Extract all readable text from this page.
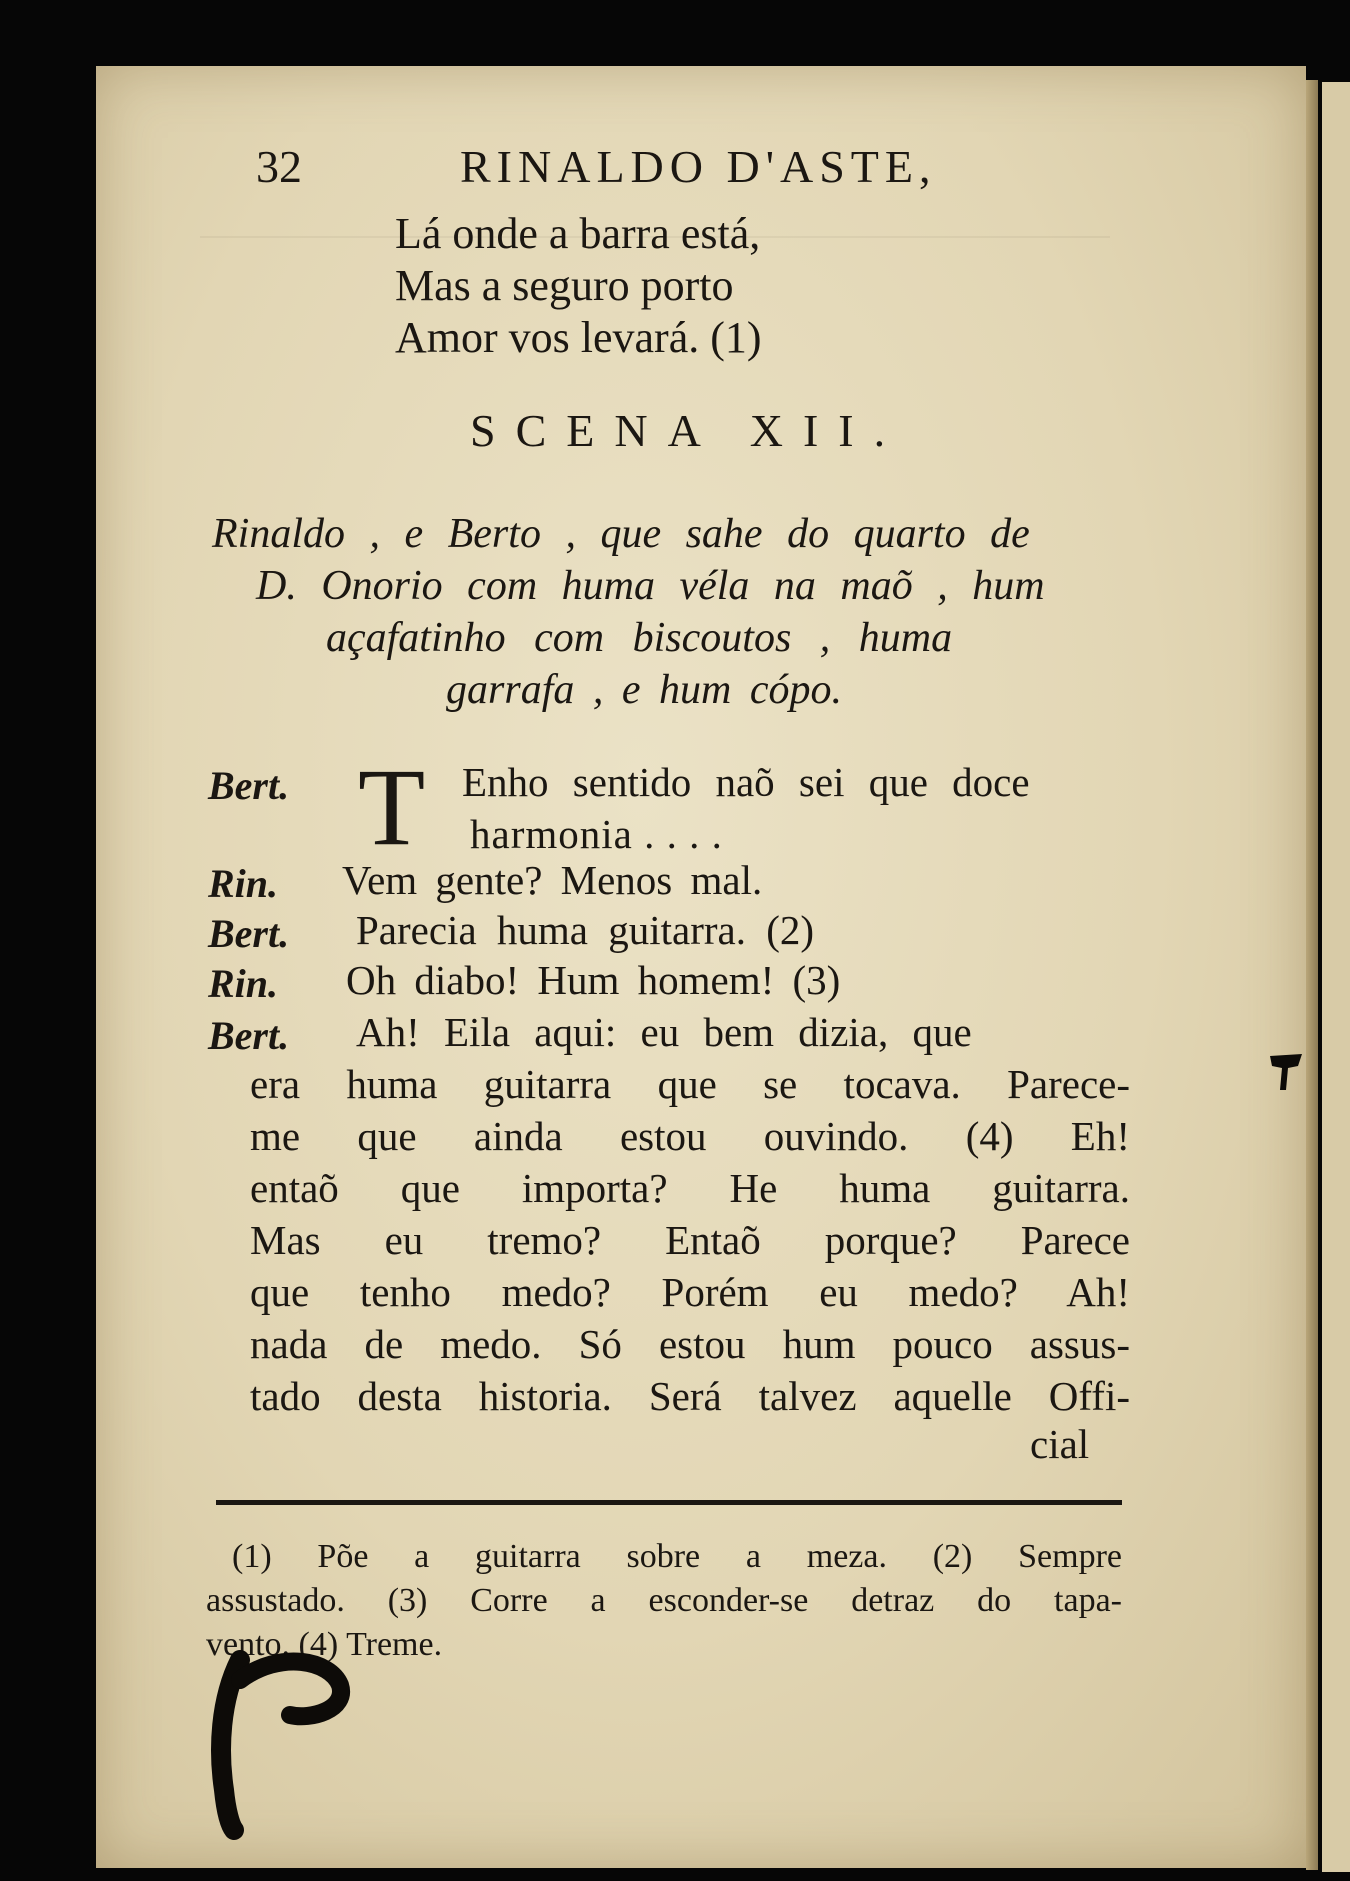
32	RINALDO D'ASTE,
Lá onde a barra está,
Mas a seguro porto
Amor vos levará. (1)
SCENA XII.
Rinaldo , e Berto , que sahe do quarto de
D. Onorio com huma véla na maõ , hum
açafatinho com biscoutos , huma
garrafa , e hum cópo.
Bert. T Enho sentido naõ sei que doce
harmonia . . . .
Rin. Vem gente? Menos mal.
Bert. Parecia huma guitarra. (2)
Rin. Oh diabo! Hum homem! (3)
Bert. Ah! Eila aqui: eu bem dizia, que
era huma guitarra que se tocava. Parece-
me que ainda estou ouvindo. (4) Eh!
entaõ que importa? He huma guitarra.
Mas eu tremo? Entaõ porque? Parece
que tenho medo? Porém eu medo? Ah!
nada de medo. Só estou hum pouco assus-
tado desta historia. Será talvez aquelle Offi-
cial
(1) Põe a guitarra sobre a meza. (2) Sempre
assustado. (3) Corre a esconder-se detraz do tapa-
vento. (4) Treme.
